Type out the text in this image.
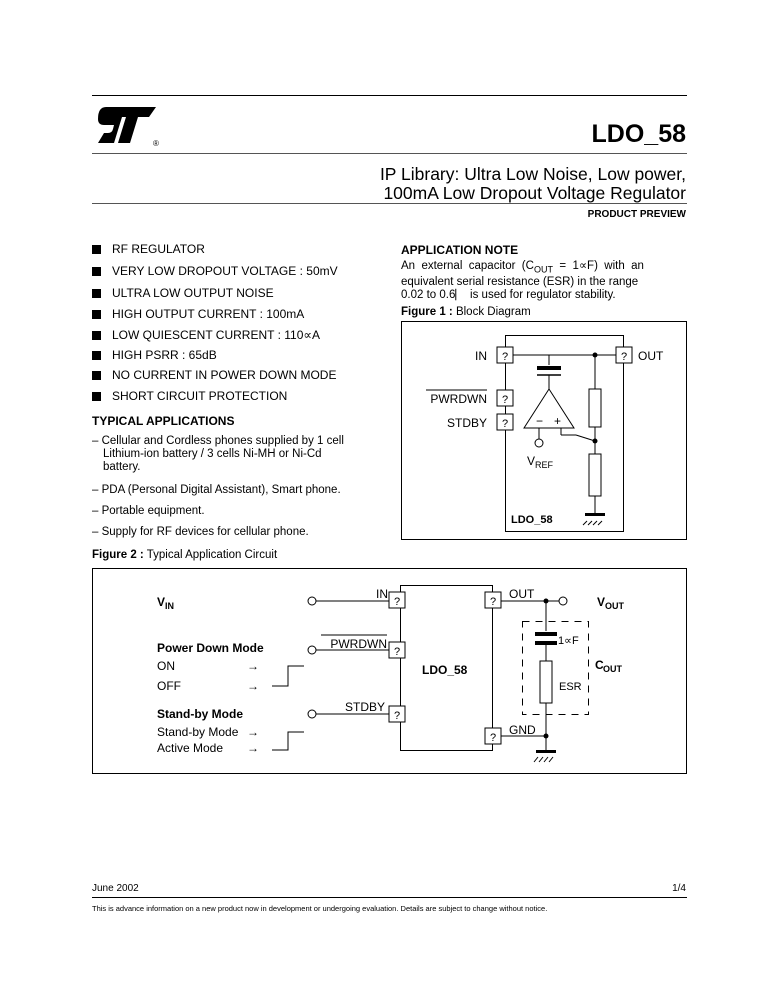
®	LDO_58
IP Library: Ultra Low Noise, Low power,
100mA Low Dropout Voltage Regulator
PRODUCT PREVIEW
RF REGULATOR
VERY LOW DROPOUT VOLTAGE : 50mV
ULTRA LOW OUTPUT NOISE
HIGH OUTPUT CURRENT : 100mA
LOW QUIESCENT CURRENT : 110∝A
HIGH PSRR : 65dB
NO CURRENT IN POWER DOWN MODE
SHORT CIRCUIT PROTECTION
TYPICAL APPLICATIONS
– Cellular and Cordless phones supplied by 1 cell
Lithium-ion battery / 3 cells Ni-MH or Ni-Cd
battery.
– PDA (Personal Digital Assistant), Smart phone.
– Portable equipment.
– Supply for RF devices for cellular phone.
APPLICATION NOTE
An  external  capacitor  $(C_{OUT} = 1\propto F)$  with  an
equivalent serial resistance (ESR) in the range
0.02 to 0.6⎸ is used for regulator stability.
Figure 1 : Block Diagram
?	?
?
?
IN	OUT
PWRDWN
STDBY	− +
V REF
LDO_58
Figure 2 : Typical Application Circuit
LDO_58
?	?
?
?
?
IN	OUT
PWRDWN
STDBY
GND
V IN
Power Down Mode
ON	→
OFF	→
Stand-by Mode
Stand-by Mode →
Active Mode →
V OUT
1∝F
ESR
C OUT
June 2002	1/4
This is advance information on a new product now in development or undergoing evaluation. Details are subject to change without notice.
